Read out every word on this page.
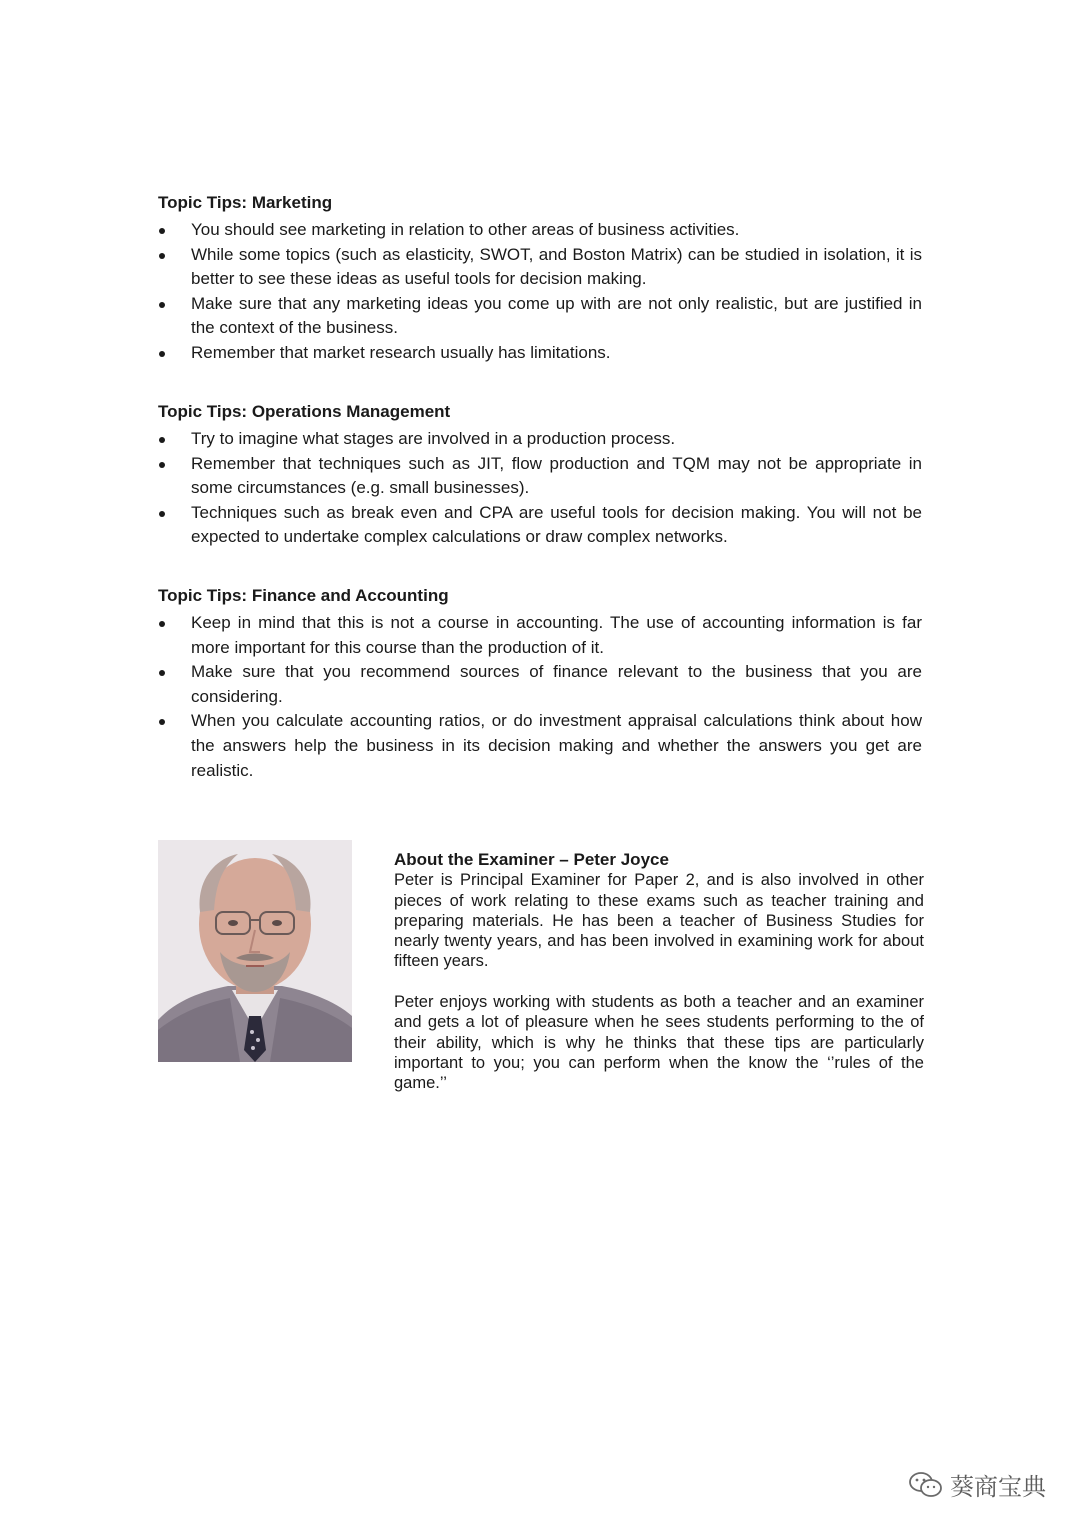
Topic Tips: Marketing
You should see marketing in relation to other areas of business activities.
While some topics (such as elasticity, SWOT, and Boston Matrix) can be studied in isolation, it is better to see these ideas as useful tools for decision making.
Make sure that any marketing ideas you come up with are not only realistic, but are justified in the context of the business.
Remember that market research usually has limitations.
Topic Tips: Operations Management
Try to imagine what stages are involved in a production process.
Remember that techniques such as JIT, flow production and TQM may not be appropriate in some circumstances (e.g. small businesses).
Techniques such as break even and CPA are useful tools for decision making. You will not be expected to undertake complex calculations or draw complex networks.
Topic Tips: Finance and Accounting
Keep in mind that this is not a course in accounting. The use of accounting information is far more important for this course than the production of it.
Make sure that you recommend sources of finance relevant to the business that you are considering.
When you calculate accounting ratios, or do investment appraisal calculations think about how the answers help the business in its decision making and whether the answers you get are realistic.
About the Examiner – Peter Joyce

Peter is Principal Examiner for Paper 2, and is also involved in other pieces of work relating to these exams such as teacher training and preparing materials. He has been a teacher of Business Studies for nearly twenty years, and has been involved in examining work for about fifteen years.

Peter enjoys working with students as both a teacher and an examiner and gets a lot of pleasure when he sees students performing to the of their ability, which is why he thinks that these tips are particularly important to you; you can perform when the know the ‘’rules of the game.’’

葵商宝典
